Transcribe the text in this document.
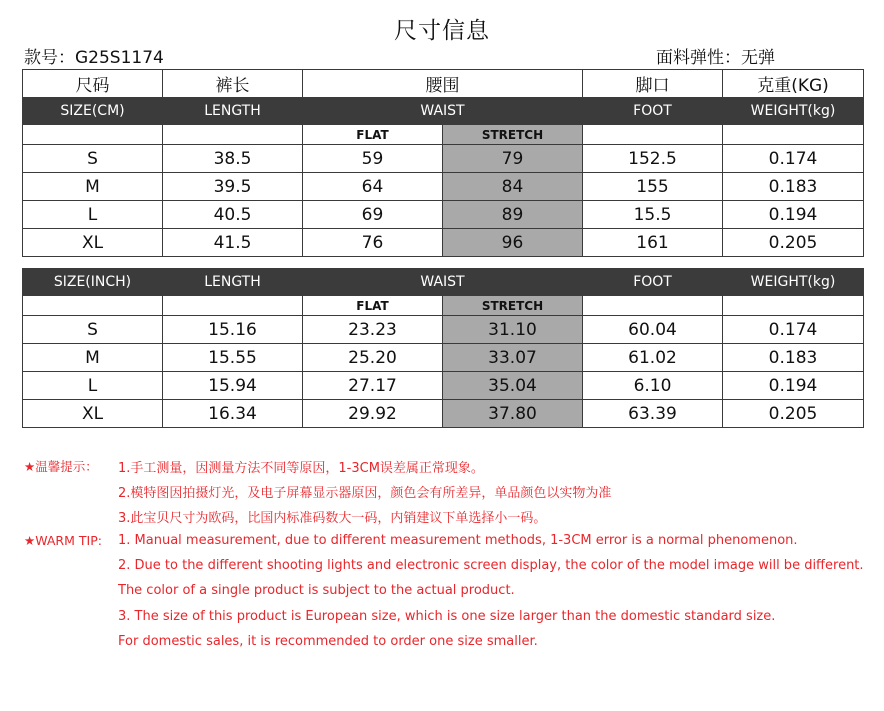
尺寸信息
款号：G25S1174	面料弹性：无弹
尺码	裤长	腰围		脚口	克重(KG)
SIZE(CM)	LENGTH	WAIST		FOOT	WEIGHT(kg)
		FLAT	STRETCH		
S	38.5	59	79	152.5	0.174
M	39.5	64	84	155	0.183
L	40.5	69	89	15.5	0.194
XL	41.5	76	96	161	0.205
SIZE(INCH)	LENGTH	WAIST		FOOT	WEIGHT(kg)
		FLAT	STRETCH		
S	15.16	23.23	31.10	60.04	0.174
M	15.55	25.20	33.07	61.02	0.183
L	15.94	27.17	35.04	6.10	0.194
XL	16.34	29.92	37.80	63.39	0.205
★温馨提示： 1.手工测量，因测量方法不同等原因，1-3CM误差属正常现象。
2.模特图因拍摄灯光，及电子屏幕显示器原因，颜色会有所差异，单品颜色以实物为准
3.此宝贝尺寸为欧码，比国内标准码数大一码，内销建议下单选择小一码。
★WARM TIP: 1. Manual measurement, due to different measurement methods, 1-3CM error is a normal phenomenon.
2. Due to the different shooting lights and electronic screen display, the color of the model image will be different.
The color of a single product is subject to the actual product.
3. The size of this product is European size, which is one size larger than the domestic standard size.
For domestic sales, it is recommended to order one size smaller.
